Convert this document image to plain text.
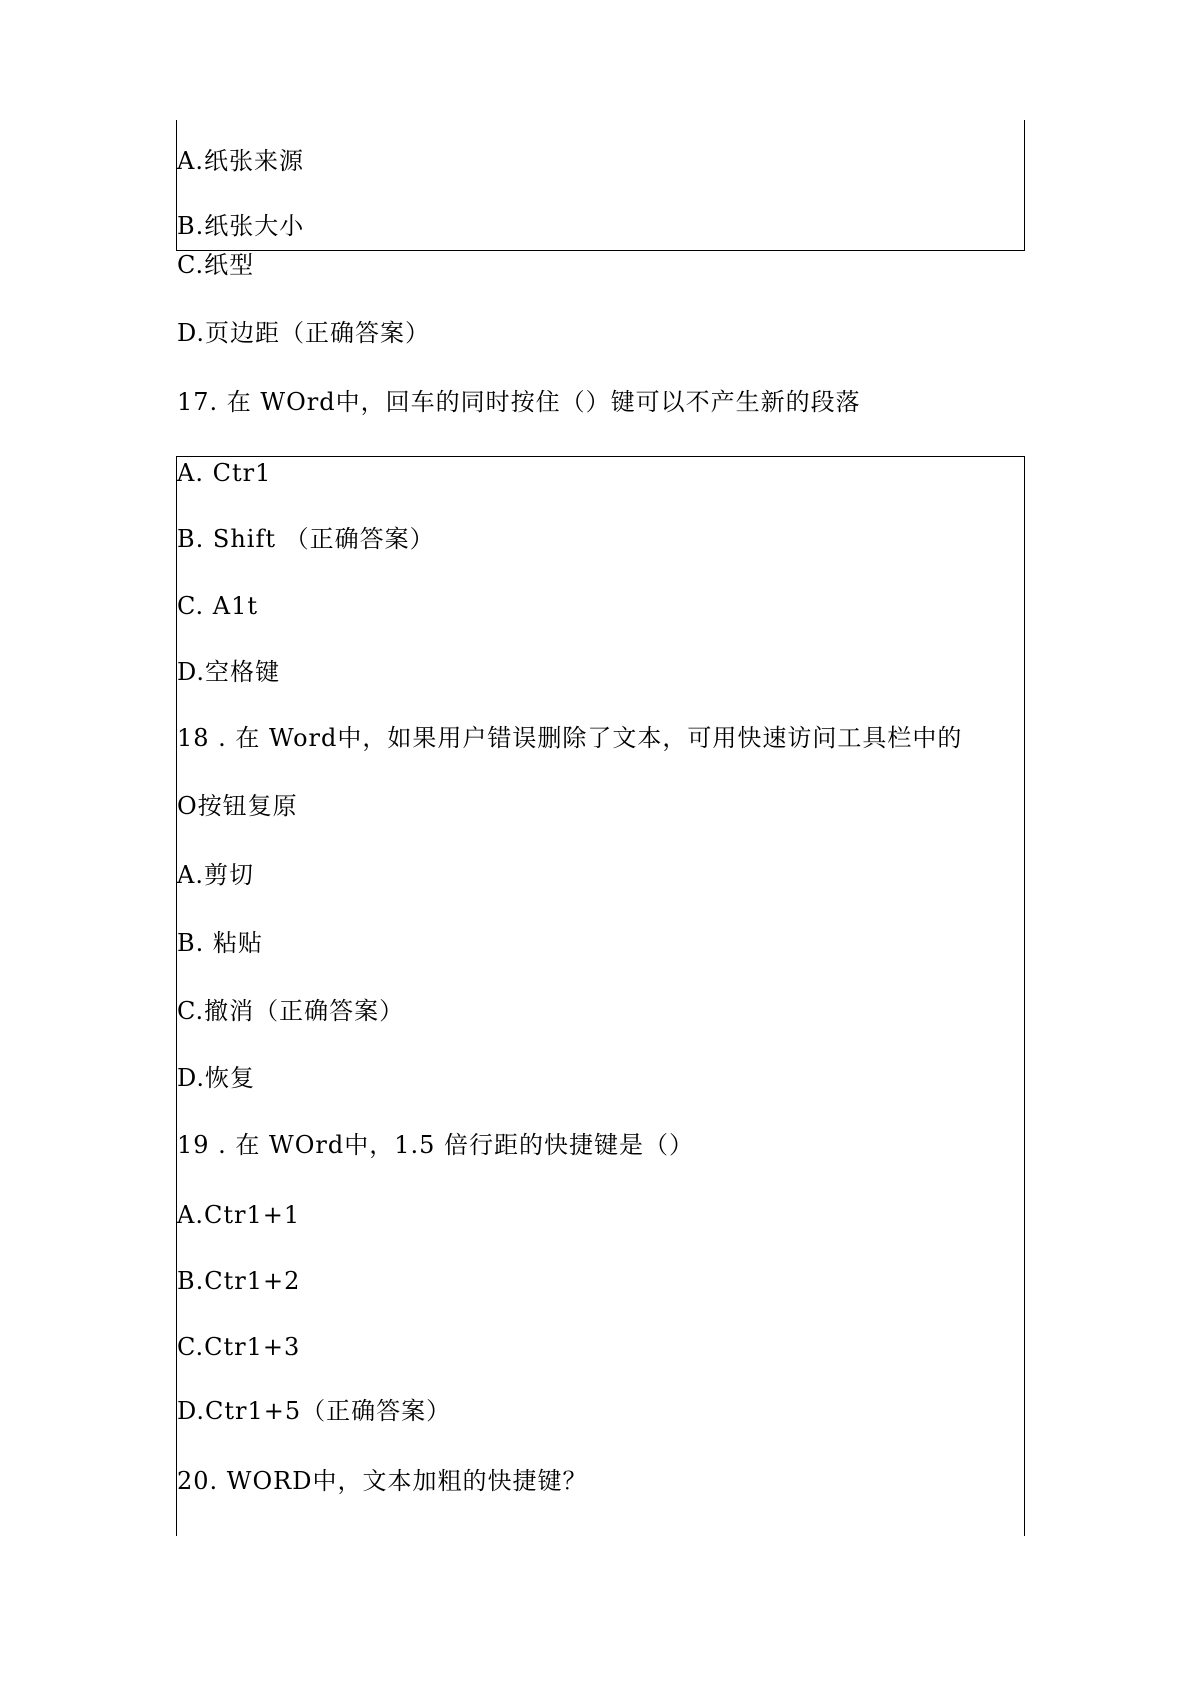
A.纸张来源
B.纸张大小
C.纸型
D.页边距（正确答案）
17. 在 WOrd中，回车的同时按住（）键可以不产生新的段落
A. Ctr1
B. Shift （正确答案）
C. A1t
D.空格键
18 . 在 Word中，如果用户错误删除了文本，可用快速访问工具栏中的
O按钮复原
A.剪切
B. 粘贴
C.撤消（正确答案）
D.恢复
19 . 在 WOrd中，1.5 倍行距的快捷键是（）
A.Ctr1+1
B.Ctr1+2
C.Ctr1+3
D.Ctr1+5（正确答案）
20. WORD中，文本加粗的快捷键？
